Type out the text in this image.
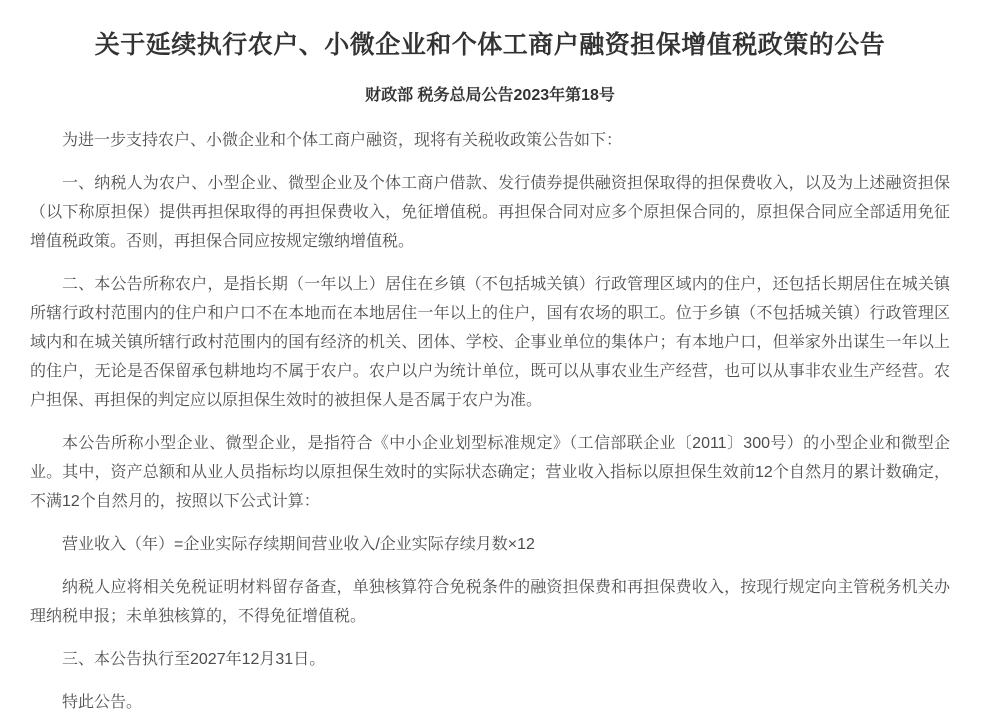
关于延续执行农户、小微企业和个体工商户融资担保增值税政策的公告
财政部 税务总局公告2023年第18号

为进一步支持农户、小微企业和个体工商户融资，现将有关税收政策公告如下：

一、纳税人为农户、小型企业、微型企业及个体工商户借款、发行债券提供融资担保取得的担保费收入，以及为上述融资担保（以下称原担保）提供再担保取得的再担保费收入，免征增值税。再担保合同对应多个原担保合同的，原担保合同应全部适用免征增值税政策。否则，再担保合同应按规定缴纳增值税。

二、本公告所称农户，是指长期（一年以上）居住在乡镇（不包括城关镇）行政管理区域内的住户，还包括长期居住在城关镇所辖行政村范围内的住户和户口不在本地而在本地居住一年以上的住户，国有农场的职工。位于乡镇（不包括城关镇）行政管理区域内和在城关镇所辖行政村范围内的国有经济的机关、团体、学校、企事业单位的集体户；有本地户口，但举家外出谋生一年以上的住户，无论是否保留承包耕地均不属于农户。农户以户为统计单位，既可以从事农业生产经营，也可以从事非农业生产经营。农户担保、再担保的判定应以原担保生效时的被担保人是否属于农户为准。

本公告所称小型企业、微型企业，是指符合《中小企业划型标准规定》（工信部联企业〔2011〕300号）的小型企业和微型企业。其中，资产总额和从业人员指标均以原担保生效时的实际状态确定；营业收入指标以原担保生效前12个自然月的累计数确定，不满12个自然月的，按照以下公式计算：

营业收入（年）=企业实际存续期间营业收入/企业实际存续月数×12

纳税人应将相关免税证明材料留存备查，单独核算符合免税条件的融资担保费和再担保费收入，按现行规定向主管税务机关办理纳税申报；未单独核算的，不得免征增值税。

三、本公告执行至2027年12月31日。

特此公告。
